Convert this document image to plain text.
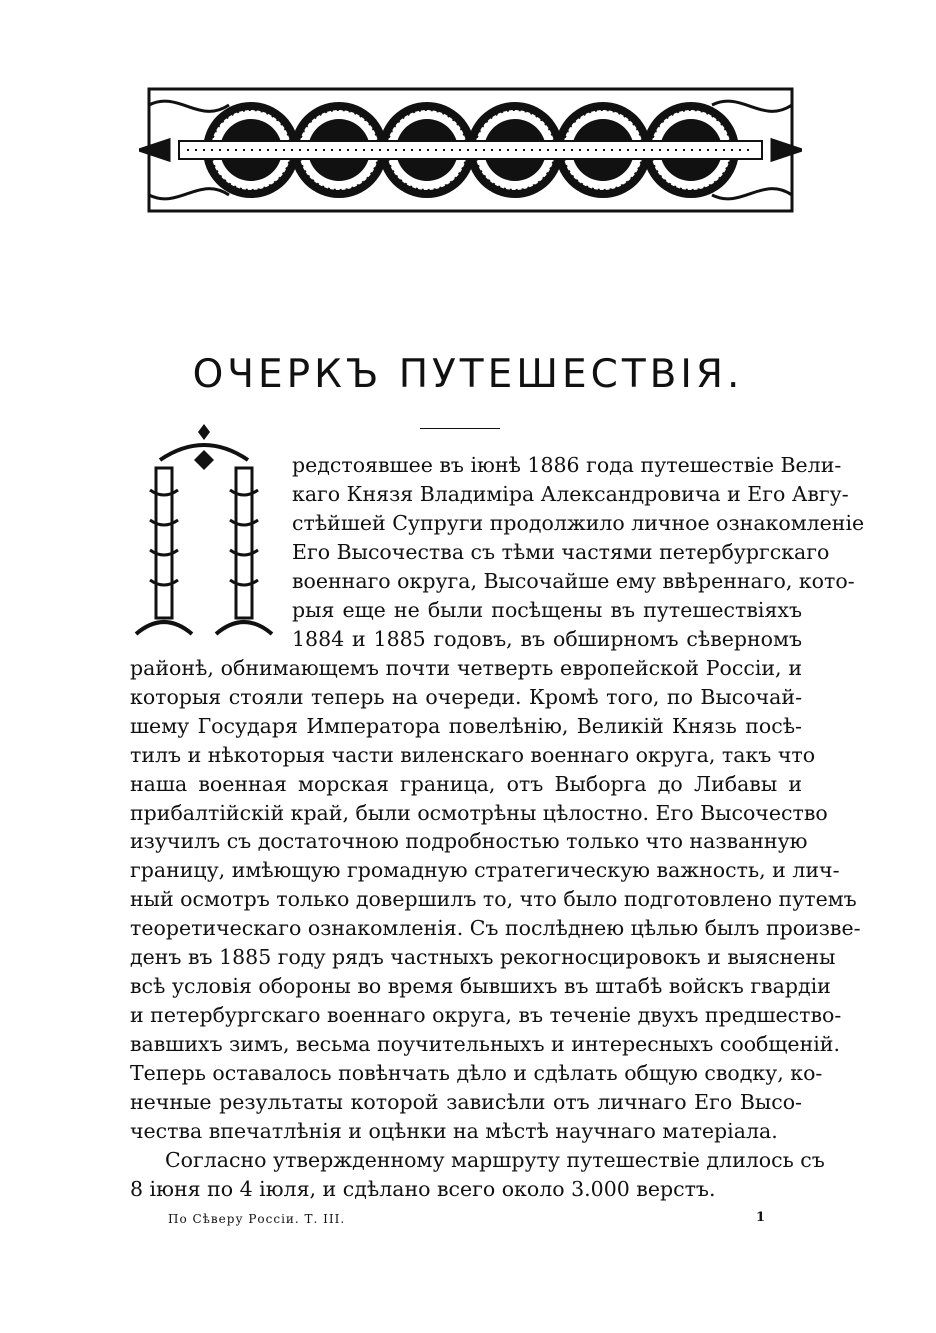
ОЧЕРКЪ ПУТЕШЕСТВІЯ.

редстоявшее въ іюнѣ 1886 года путешествіе Вели-

каго Князя Владиміра Александровича и Его Авгу-

стѣйшей Супруги продолжило личное ознакомленіе

Его Высочества съ тѣми частями петербургскаго

военнаго округа, Высочайше ему ввѣреннаго, кото-

рыя еще не были посѣщены въ путешествіяхъ

1884 и 1885 годовъ, въ обширномъ сѣверномъ

районѣ, обнимающемъ почти четверть европейской Россіи, и

которыя стояли теперь на очереди. Кромѣ того, по Высочай-

шему Государя Императора повелѣнію, Великій Князь посѣ-

тилъ и нѣкоторыя части виленскаго военнаго округа, такъ что

наша военная морская граница, отъ Выборга до Либавы и

прибалтійскій край, были осмотрѣны цѣлостно. Его Высочество

изучилъ съ достаточною подробностью только что названную

границу, имѣющую громадную стратегическую важность, и лич-

ный осмотръ только довершилъ то, что было подготовлено путемъ

теоретическаго ознакомленія. Съ послѣднею цѣлью былъ произве-

денъ въ 1885 году рядъ частныхъ рекогносцировокъ и выяснены

всѣ условія обороны во время бывшихъ въ штабѣ войскъ гвардіи

и петербургскаго военнаго округа, въ теченіе двухъ предшество-

вавшихъ зимъ, весьма поучительныхъ и интересныхъ сообщеній.

Теперь оставалось повѣнчать дѣло и сдѣлать общую сводку, ко-

нечные результаты которой зависѣли отъ личнаго Его Высо-

чества впечатлѣнія и оцѣнки на мѣстѣ научнаго матеріала.

Согласно утвержденному маршруту путешествіе длилось съ

8 іюня по 4 іюля, и сдѣлано всего около 3.000 верстъ.

По Сѣверу Россіи. Т. III.	1
